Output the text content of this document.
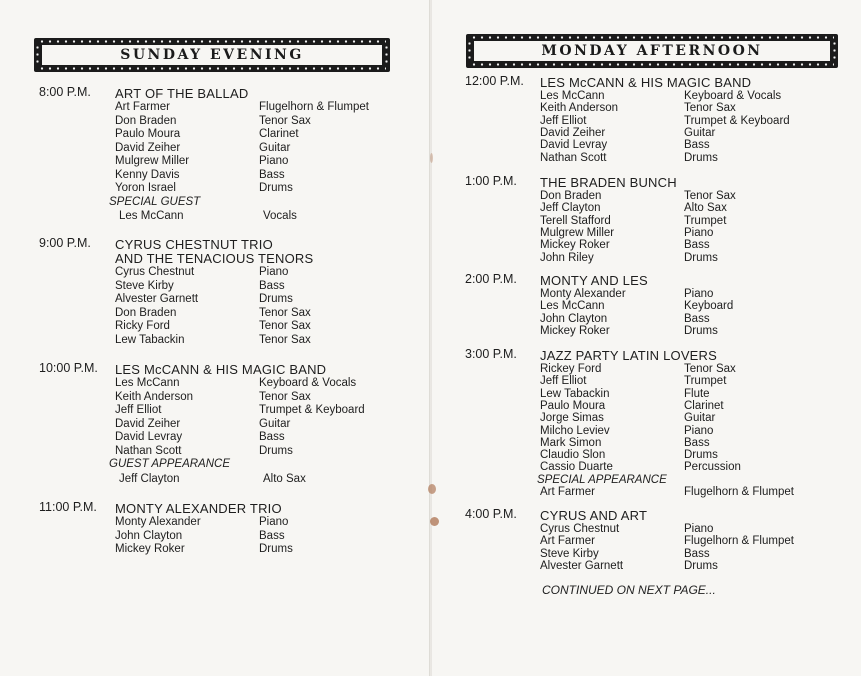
SUNDAY EVENING
8:00 P.M. ART OF THE BALLAD
Art Farmer	Flugelhorn & Flumpet
Don Braden	Tenor Sax
Paulo Moura	Clarinet
David Zeiher	Guitar
Mulgrew Miller	Piano
Kenny Davis	Bass
Yoron Israel	Drums
SPECIAL GUEST
Les McCann	Vocals
9:00 P.M. CYRUS CHESTNUT TRIO
AND THE TENACIOUS TENORS
Cyrus Chestnut	Piano
Steve Kirby	Bass
Alvester Garnett	Drums
Don Braden	Tenor Sax
Ricky Ford	Tenor Sax
Lew Tabackin	Tenor Sax
10:00 P.M. LES McCANN & HIS MAGIC BAND
Les McCann	Keyboard & Vocals
Keith Anderson	Tenor Sax
Jeff Elliot	Trumpet & Keyboard
David Zeiher	Guitar
David Levray	Bass
Nathan Scott	Drums
GUEST APPEARANCE
Jeff Clayton	Alto Sax
11:00 P.M. MONTY ALEXANDER TRIO
Monty Alexander	Piano
John Clayton	Bass
Mickey Roker	Drums
MONDAY AFTERNOON
12:00 P.M. LES McCANN & HIS MAGIC BAND
Les McCann	Keyboard & Vocals
Keith Anderson	Tenor Sax
Jeff Elliot	Trumpet & Keyboard
David Zeiher	Guitar
David Levray	Bass
Nathan Scott	Drums
1:00 P.M. THE BRADEN BUNCH
Don Braden	Tenor Sax
Jeff Clayton	Alto Sax
Terell Stafford	Trumpet
Mulgrew Miller	Piano
Mickey Roker	Bass
John Riley	Drums
2:00 P.M. MONTY AND LES
Monty Alexander	Piano
Les McCann	Keyboard
John Clayton	Bass
Mickey Roker	Drums
3:00 P.M. JAZZ PARTY LATIN LOVERS
Rickey Ford	Tenor Sax
Jeff Elliot	Trumpet
Lew Tabackin	Flute
Paulo Moura	Clarinet
Jorge Simas	Guitar
Milcho Leviev	Piano
Mark Simon	Bass
Claudio Slon	Drums
Cassio Duarte	Percussion
SPECIAL APPEARANCE
Art Farmer	Flugelhorn & Flumpet
4:00 P.M. CYRUS AND ART
Cyrus Chestnut	Piano
Art Farmer	Flugelhorn & Flumpet
Steve Kirby	Bass
Alvester Garnett	Drums
CONTINUED ON NEXT PAGE...
